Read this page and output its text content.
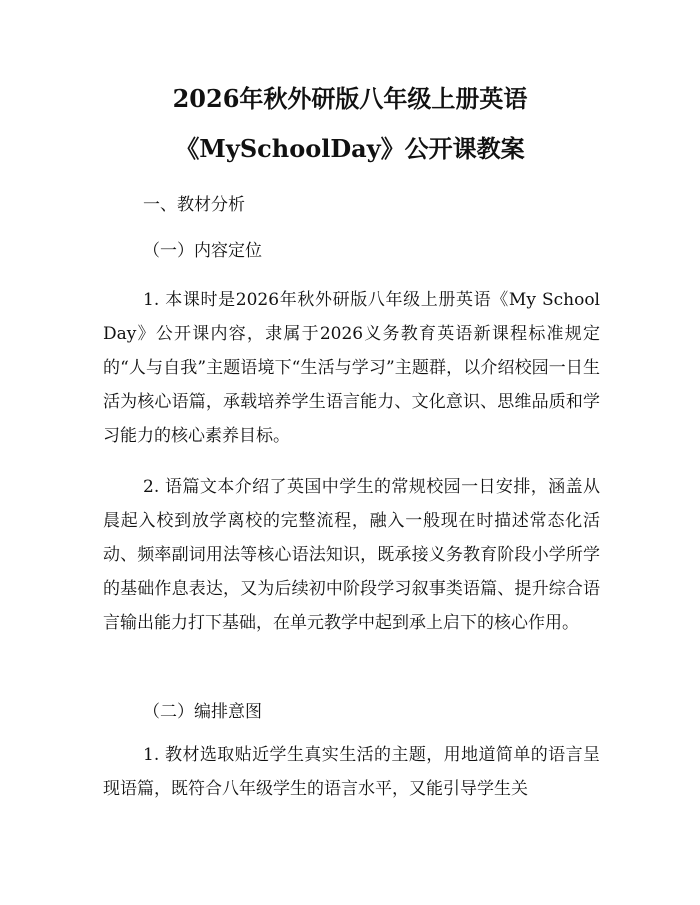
2026年秋外研版八年级上册英语
《MySchoolDay》公开课教案
一、教材分析
（一）内容定位

1. 本课时是2026年秋外研版八年级上册英语《My School Day》公开课内容，隶属于2026义务教育英语新课程标准规定的“人与自我”主题语境下“生活与学习”主题群，以介绍校园一日生活为核心语篇，承载培养学生语言能力、文化意识、思维品质和学习能力的核心素养目标。

2. 语篇文本介绍了英国中学生的常规校园一日安排，涵盖从晨起入校到放学离校的完整流程，融入一般现在时描述常态化活动、频率副词用法等核心语法知识，既承接义务教育阶段小学所学的基础作息表达，又为后续初中阶段学习叙事类语篇、提升综合语言输出能力打下基础，在单元教学中起到承上启下的核心作用。

（二）编排意图

1. 教材选取贴近学生真实生活的主题，用地道简单的语言呈现语篇，既符合八年级学生的语言水平，又能引导学生关
